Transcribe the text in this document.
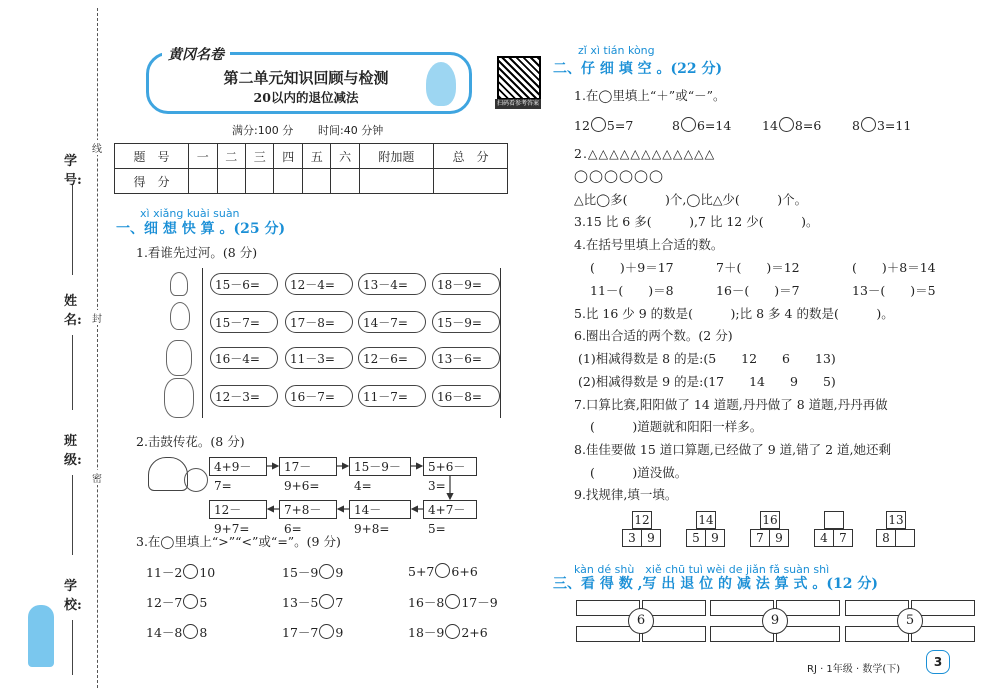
线
封
密
学号:
姓名:
班级:
学校:
黄冈名卷
第二单元知识回顾与检测
20以内的退位减法	扫码看参考答案
满分:100 分 时间:40 分钟
题　号	一	二	三	四	五	六	附加题	总　分
得　分								
xì xiǎng kuài suàn
一、细 想 快 算 。(25 分)
1.看谁先过河。(8 分)
15－6=	12－4=	13－4=	18－9=
15－7=	17－8=	14－7=	15－9=
16－4=	11－3=	12－6=	13－6=
12－3=	16－7=	11－7=	16－8=
2.击鼓传花。(8 分)
4+9－7=
17－9+6=
15－9－4=
5+6－3=
12－9+7=
7+8－6=
14－9+8=
4+7－5=
3.在◯里填上“>”“<”或“=”。(9 分)
11－2 10	15－9 9	5+7 6+6
12－7 5	13－5 7	16－8 17－9
14－8 8	17－7 9	18－9 2+6
zǐ xì tián kòng
二、仔 细 填 空 。(22 分)
1.在◯里填上“＋”或“－”。
12 5=7	8 6=14 14 8=6 8 3=11
2.△△△△△△△△△△△△
◯◯◯◯◯◯
△比◯多(　　　)个,◯比△少(　　　)个。
3.15 比 6 多(　　　),7 比 12 少(　　　)。
4.在括号里填上合适的数。
(　　)＋9＝17	7＋(　　)＝12	(　　)＋8＝14
11－(　　)＝8	16－(　　)＝7	13－(　　)＝5
5.比 16 少 9 的数是(　　　);比 8 多 4 的数是(　　　)。
6.圈出合适的两个数。(2 分)
(1)相减得数是 8 的是:(5　　12　　6　　13)
(2)相减得数是 9 的是:(17　　14　　9　　5)
7.口算比赛,阳阳做了 14 道题,丹丹做了 8 道题,丹丹再做
(　　　)道题就和阳阳一样多。
8.佳佳要做 15 道口算题,已经做了 9 道,错了 2 道,她还剩
(　　　)道没做。
9.找规律,填一填。
12
3 9
14
5 9
16
7 9	4 7
13
8
kàn dé shù　xiě chū tuì wèi de jiǎn fǎ suàn shì
三、看 得 数 ,写 出 退 位 的 减 法 算 式 。(12 分)
6	9	5
RJ · 1年级 · 数学(下)
3
